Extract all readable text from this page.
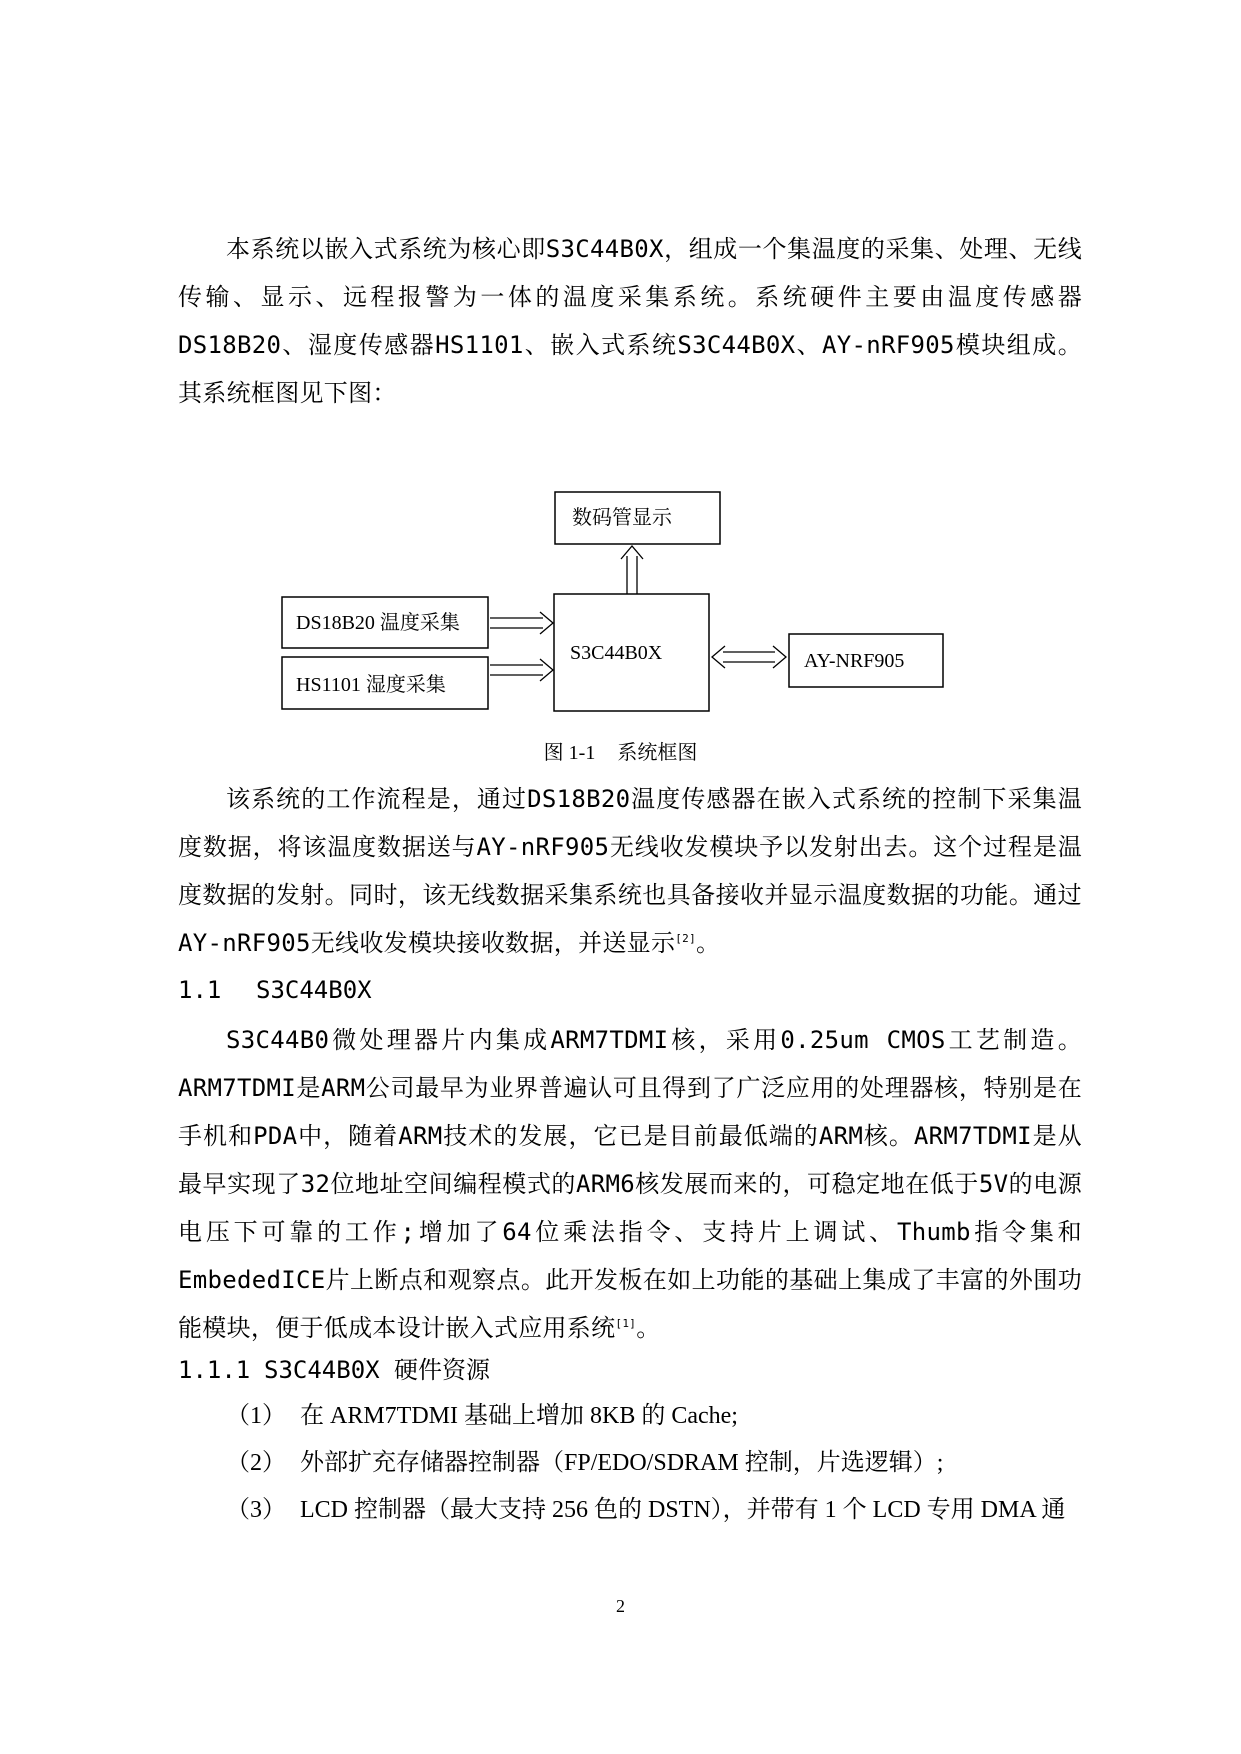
本系统以嵌入式系统为核心即S3C44B0X，组成一个集温度的采集、处理、无线传输、显示、远程报警为一体的温度采集系统。系统硬件主要由温度传感器DS18B20、湿度传感器HS1101、嵌入式系统S3C44B0X、AY-nRF905模块组成。其系统框图见下图：

数码管显示
S3C44B0X
DS18B20 温度采集
HS1101 湿度采集
AY-NRF905
图 1-1 系统框图

该系统的工作流程是，通过DS18B20温度传感器在嵌入式系统的控制下采集温度数据，将该温度数据送与AY-nRF905无线收发模块予以发射出去。这个过程是温度数据的发射。同时，该无线数据采集系统也具备接收并显示温度数据的功能。通过AY-nRF905无线收发模块接收数据，并送显示[2]。

1.1 S3C44B0X

S3C44B0微处理器片内集成ARM7TDMI核，采用0.25um CMOS工艺制造。ARM7TDMI是ARM公司最早为业界普遍认可且得到了广泛应用的处理器核，特别是在手机和PDA中，随着ARM技术的发展，它已是目前最低端的ARM核。ARM7TDMI是从最早实现了32位地址空间编程模式的ARM6核发展而来的，可稳定地在低于5V的电源电压下可靠的工作;增加了64位乘法指令、支持片上调试、Thumb指令集和EmbededICE片上断点和观察点。此开发板在如上功能的基础上集成了丰富的外围功能模块，便于低成本设计嵌入式应用系统[1]。

1.1.1 S3C44B0X 硬件资源
（1） 在 ARM7TDMI 基础上增加 8KB 的 Cache;
（2） 外部扩充存储器控制器（FP/EDO/SDRAM 控制，片选逻辑）;
（3） LCD 控制器（最大支持 256 色的 DSTN），并带有 1 个 LCD 专用 DMA 通
2
